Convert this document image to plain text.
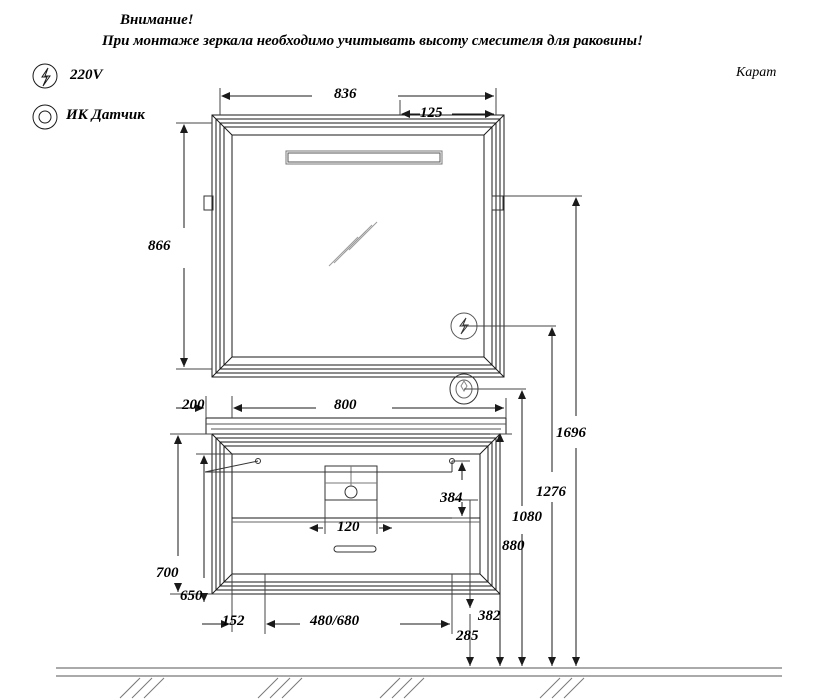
Внимание!
При монтаже зеркала необходимо учитывать высоту смесителя для раковины!
220V
ИК Датчик
Карат
836
125
866
200	800
384
120
700
650
152	480/680	382
285
880
1080
1276
1696
